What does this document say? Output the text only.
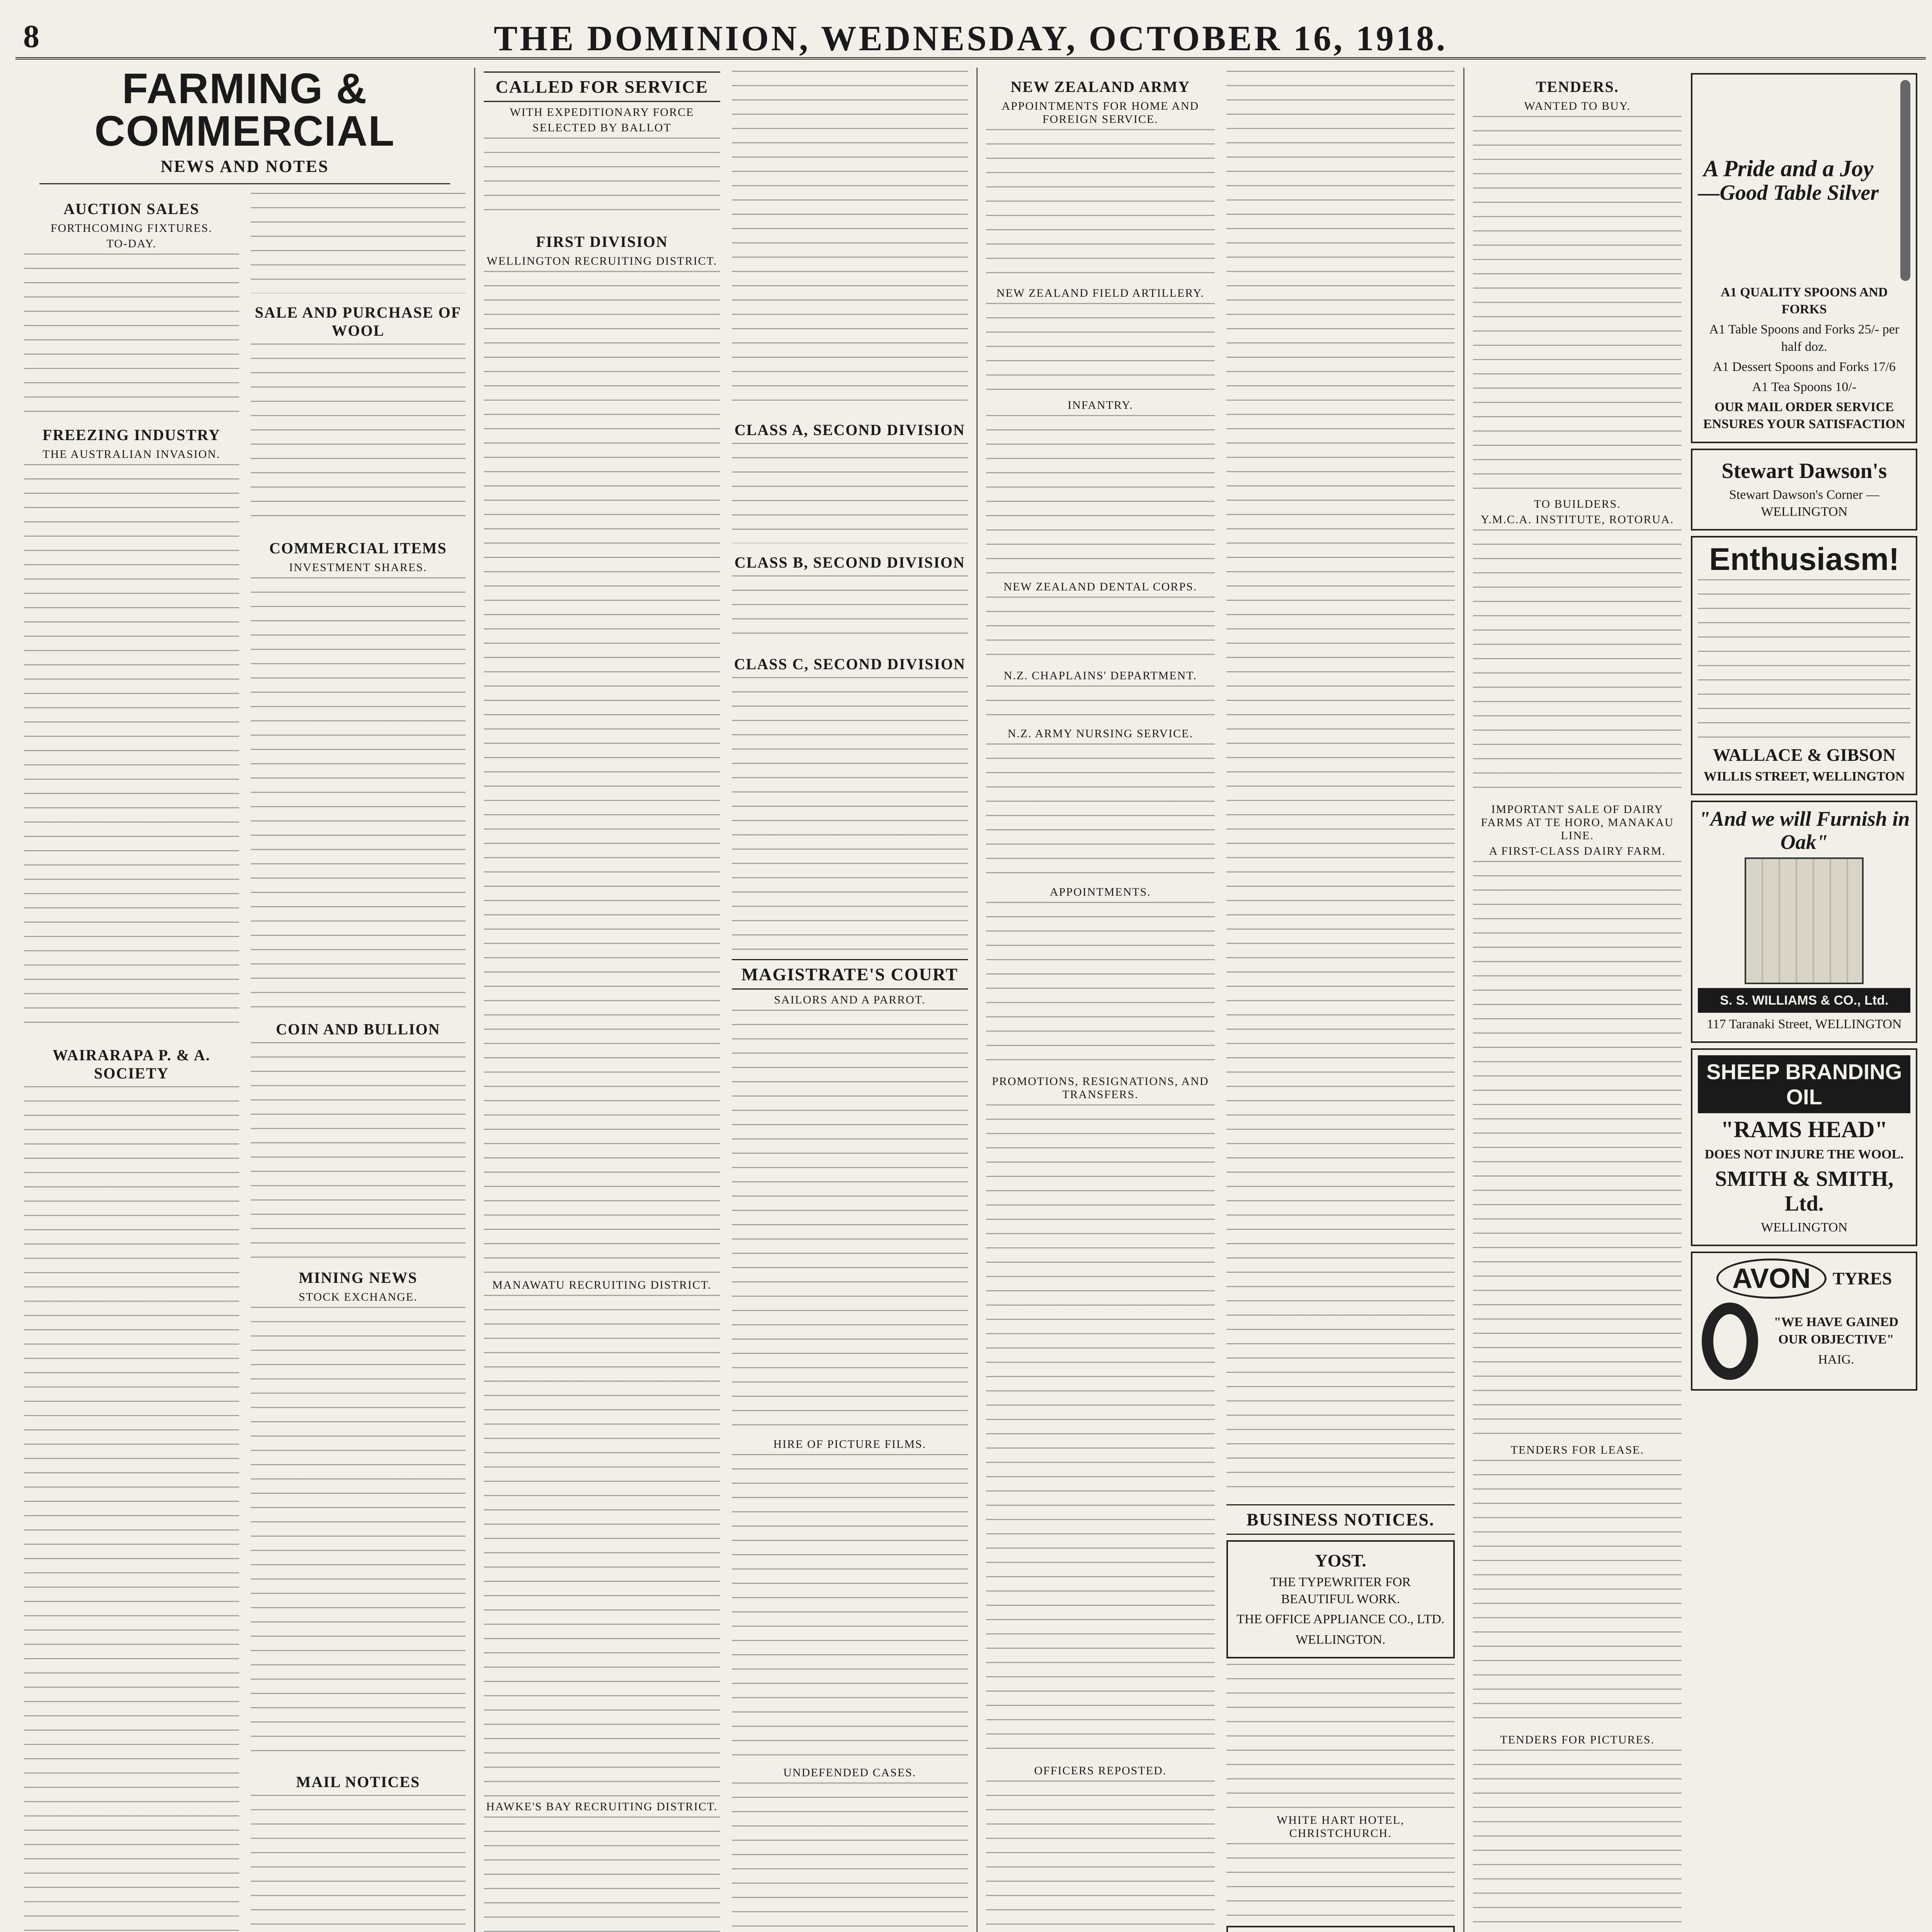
8	THE DOMINION, WEDNESDAY, OCTOBER 16, 1918.
FARMING & COMMERCIAL
NEWS AND NOTES
AUCTION SALES
FORTHCOMING FIXTURES.
TO-DAY.
FREEZING INDUSTRY
THE AUSTRALIAN INVASION.
WAIRARAPA P. & A. SOCIETY
SALE AND PURCHASE OF WOOL
COMMERCIAL ITEMS
INVESTMENT SHARES.
COIN AND BULLION
MINING NEWS
STOCK EXCHANGE.
MAIL NOTICES
CALLED FOR SERVICE
WITH EXPEDITIONARY FORCE
SELECTED BY BALLOT
FIRST DIVISION
WELLINGTON RECRUITING DISTRICT.
MANAWATU RECRUITING DISTRICT.
HAWKE'S BAY RECRUITING DISTRICT.
CLASS A, SECOND DIVISION
CLASS B, SECOND DIVISION
CLASS C, SECOND DIVISION
MAGISTRATE'S COURT
SAILORS AND A PARROT.
HIRE OF PICTURE FILMS.
UNDEFENDED CASES.
NEW ZEALAND ARMY
APPOINTMENTS FOR HOME AND FOREIGN SERVICE.
NEW ZEALAND FIELD ARTILLERY.
INFANTRY.
NEW ZEALAND DENTAL CORPS.
N.Z. CHAPLAINS' DEPARTMENT.
N.Z. ARMY NURSING SERVICE.
APPOINTMENTS.
PROMOTIONS, RESIGNATIONS, AND TRANSFERS.
OFFICERS REPOSTED.
BUSINESS NOTICES.
YOST.
THE TYPEWRITER FOR BEAUTIFUL WORK.
THE OFFICE APPLIANCE CO., LTD.
WELLINGTON.
WHITE HART HOTEL, CHRISTCHURCH.
TENDERS.
WANTED TO BUY.
TO BUILDERS.
Y.M.C.A. INSTITUTE, ROTORUA.
IMPORTANT SALE OF DAIRY FARMS AT TE HORO, MANAKAU LINE.
A FIRST-CLASS DAIRY FARM.
TENDERS FOR LEASE.
TENDERS FOR PICTURES.
A Pride and a Joy
—Good Table Silver
A1 QUALITY SPOONS AND FORKS
A1 Table Spoons and Forks 25/- per half doz.
A1 Dessert Spoons and Forks 17/6
A1 Tea Spoons 10/-
OUR MAIL ORDER SERVICE ENSURES YOUR SATISFACTION
Stewart Dawson's
Stewart Dawson's Corner — WELLINGTON
Enthusiasm!
WALLACE & GIBSON
WILLIS STREET, WELLINGTON
"And we will Furnish in Oak"
S. S. WILLIAMS & CO., Ltd.
117 Taranaki Street, WELLINGTON
SHEEP BRANDING OIL
"RAMS HEAD"
DOES NOT INJURE THE WOOL.
SMITH & SMITH, Ltd.
WELLINGTON
AVON	TYRES
"WE HAVE GAINED OUR OBJECTIVE"
HAIG.
